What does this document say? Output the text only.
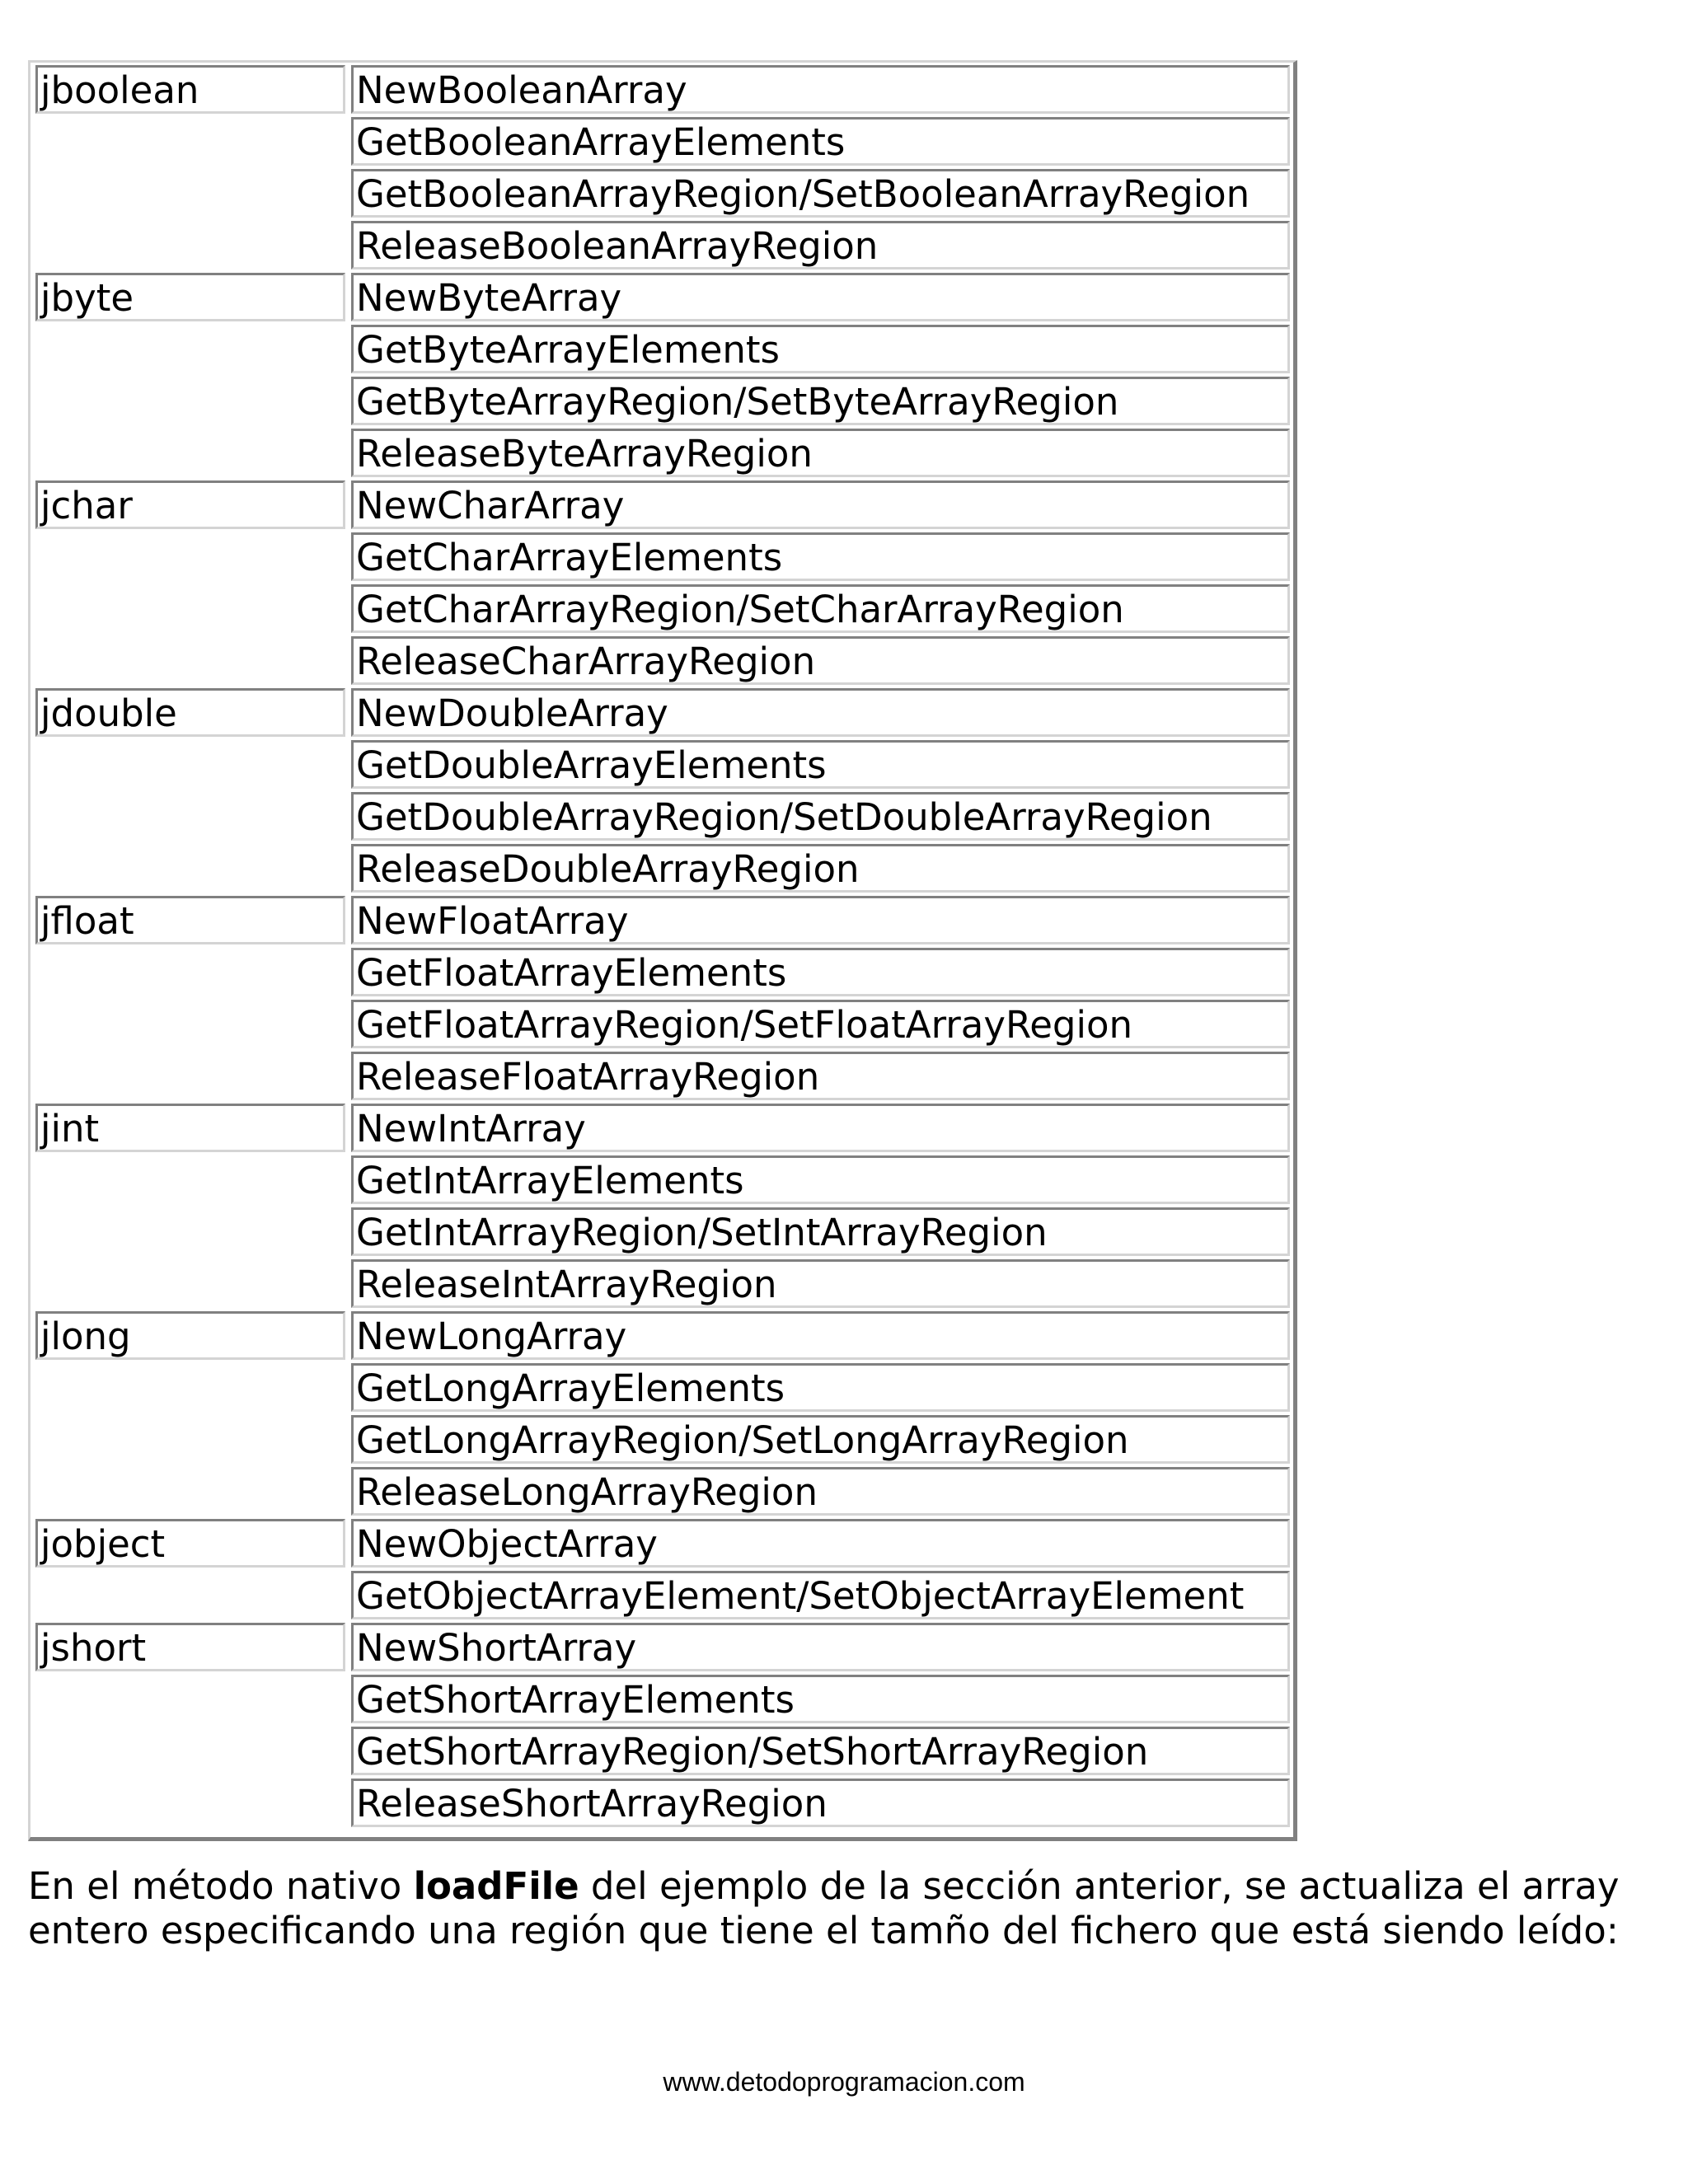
jboolean	NewBooleanArray
GetBooleanArrayElements
GetBooleanArrayRegion/SetBooleanArrayRegion
ReleaseBooleanArrayRegion
jbyte	NewByteArray
GetByteArrayElements
GetByteArrayRegion/SetByteArrayRegion
ReleaseByteArrayRegion
jchar	NewCharArray
GetCharArrayElements
GetCharArrayRegion/SetCharArrayRegion
ReleaseCharArrayRegion
jdouble	NewDoubleArray
GetDoubleArrayElements
GetDoubleArrayRegion/SetDoubleArrayRegion
ReleaseDoubleArrayRegion
jfloat	NewFloatArray
GetFloatArrayElements
GetFloatArrayRegion/SetFloatArrayRegion
ReleaseFloatArrayRegion
jint	NewIntArray
GetIntArrayElements
GetIntArrayRegion/SetIntArrayRegion
ReleaseIntArrayRegion
jlong	NewLongArray
GetLongArrayElements
GetLongArrayRegion/SetLongArrayRegion
ReleaseLongArrayRegion
jobject	NewObjectArray
GetObjectArrayElement/SetObjectArrayElement
jshort	NewShortArray
GetShortArrayElements
GetShortArrayRegion/SetShortArrayRegion
ReleaseShortArrayRegion

En el método nativo loadFile del ejemplo de la sección anterior, se actualiza el array entero especificando una región que tiene el tamño del fichero que está siendo leído:

www.detodoprogramacion.com
